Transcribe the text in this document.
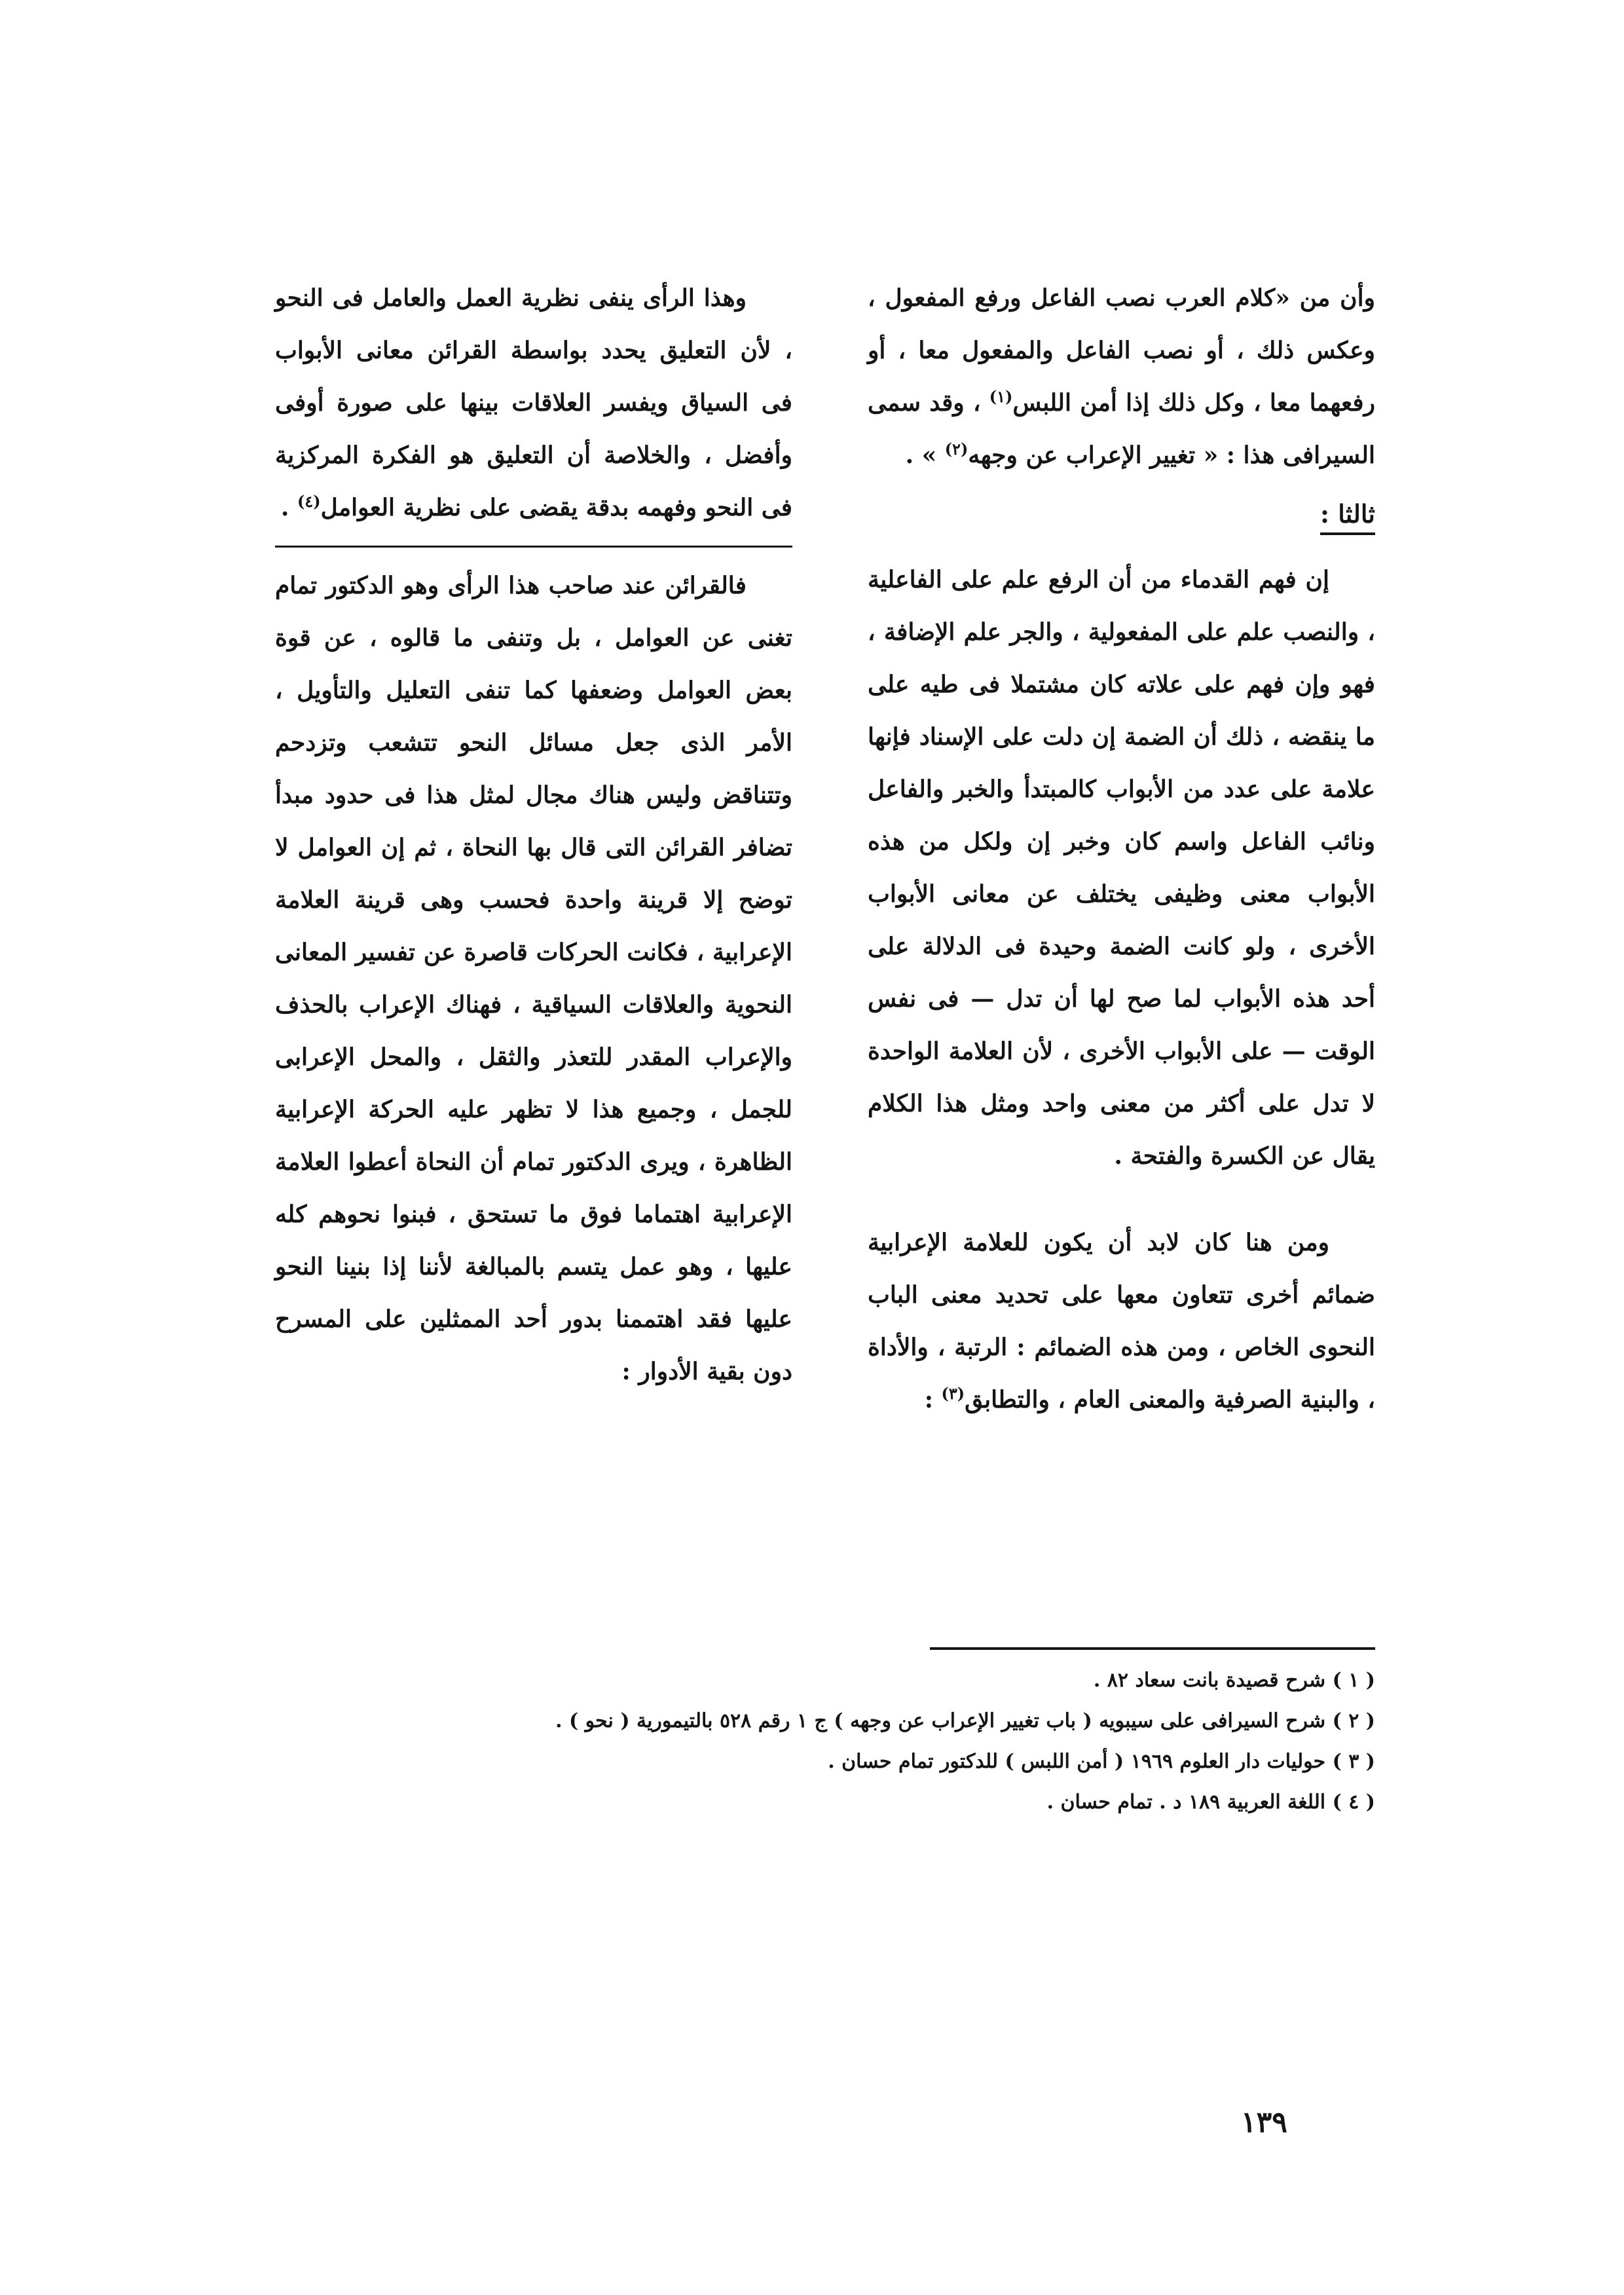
وأن من «كلام العرب نصب الفاعل ورفع المفعول ، وعكس ذلك ، أو نصب الفاعل والمفعول معا ، أو رفعهما معا ، وكل ذلك إذا أمن اللبس$^{(١)}$ ، وقد سمى السيرافى هذا : « تغيير الإعراب عن وجهه$^{(٢)}$ » .

ثالثا :

إن فهم القدماء من أن الرفع علم على الفاعلية ، والنصب علم على المفعولية ، والجر علم الإضافة ، فهو وإن فهم على علاته كان مشتملا فى طيه على ما ينقضه ، ذلك أن الضمة إن دلت على الإسناد فإنها علامة على عدد من الأبواب كالمبتدأ والخبر والفاعل ونائب الفاعل واسم كان وخبر إن ولكل من هذه الأبواب معنى وظيفى يختلف عن معانى الأبواب الأخرى ، ولو كانت الضمة وحيدة فى الدلالة على أحد هذه الأبواب لما صح لها أن تدل — فى نفس الوقت — على الأبواب الأخرى ، لأن العلامة الواحدة لا تدل على أكثر من معنى واحد ومثل هذا الكلام يقال عن الكسرة والفتحة .

ومن هنا كان لابد أن يكون للعلامة الإعرابية ضمائم أخرى تتعاون معها على تحديد معنى الباب النحوى الخاص ، ومن هذه الضمائم : الرتبة ، والأداة ، والبنية الصرفية والمعنى العام ، والتطابق$^{(٣)}$ :

وهذا الرأى ينفى نظرية العمل والعامل فى النحو ، لأن التعليق يحدد بواسطة القرائن معانى الأبواب فى السياق ويفسر العلاقات بينها على صورة أوفى وأفضل ، والخلاصة أن التعليق هو الفكرة المركزية فى النحو وفهمه بدقة يقضى على نظرية العوامل$^{(٤)}$ .

فالقرائن عند صاحب هذا الرأى وهو الدكتور تمام تغنى عن العوامل ، بل وتنفى ما قالوه ، عن قوة بعض العوامل وضعفها كما تنفى التعليل والتأويل ، الأمر الذى جعل مسائل النحو تتشعب وتزدحم وتتناقض وليس هناك مجال لمثل هذا فى حدود مبدأ تضافر القرائن التى قال بها النحاة ، ثم إن العوامل لا توضح إلا قرينة واحدة فحسب وهى قرينة العلامة الإعرابية ، فكانت الحركات قاصرة عن تفسير المعانى النحوية والعلاقات السياقية ، فهناك الإعراب بالحذف والإعراب المقدر للتعذر والثقل ، والمحل الإعرابى للجمل ، وجميع هذا لا تظهر عليه الحركة الإعرابية الظاهرة ، ويرى الدكتور تمام أن النحاة أعطوا العلامة الإعرابية اهتماما فوق ما تستحق ، فبنوا نحوهم كله عليها ، وهو عمل يتسم بالمبالغة لأننا إذا بنينا النحو عليها فقد اهتممنا بدور أحد الممثلين على المسرح دون بقية الأدوار :

( ١ ) شرح قصيدة بانت سعاد ٨٢ .

( ٢ ) شرح السيرافى على سيبويه ( باب تغيير الإعراب عن وجهه ) ج ١ رقم ٥٢٨ بالتيمورية ( نحو ) .

( ٣ ) حوليات دار العلوم ١٩٦٩ ( أمن اللبس ) للدكتور تمام حسان .

( ٤ ) اللغة العربية ١٨٩ د . تمام حسان .

١٣٩
